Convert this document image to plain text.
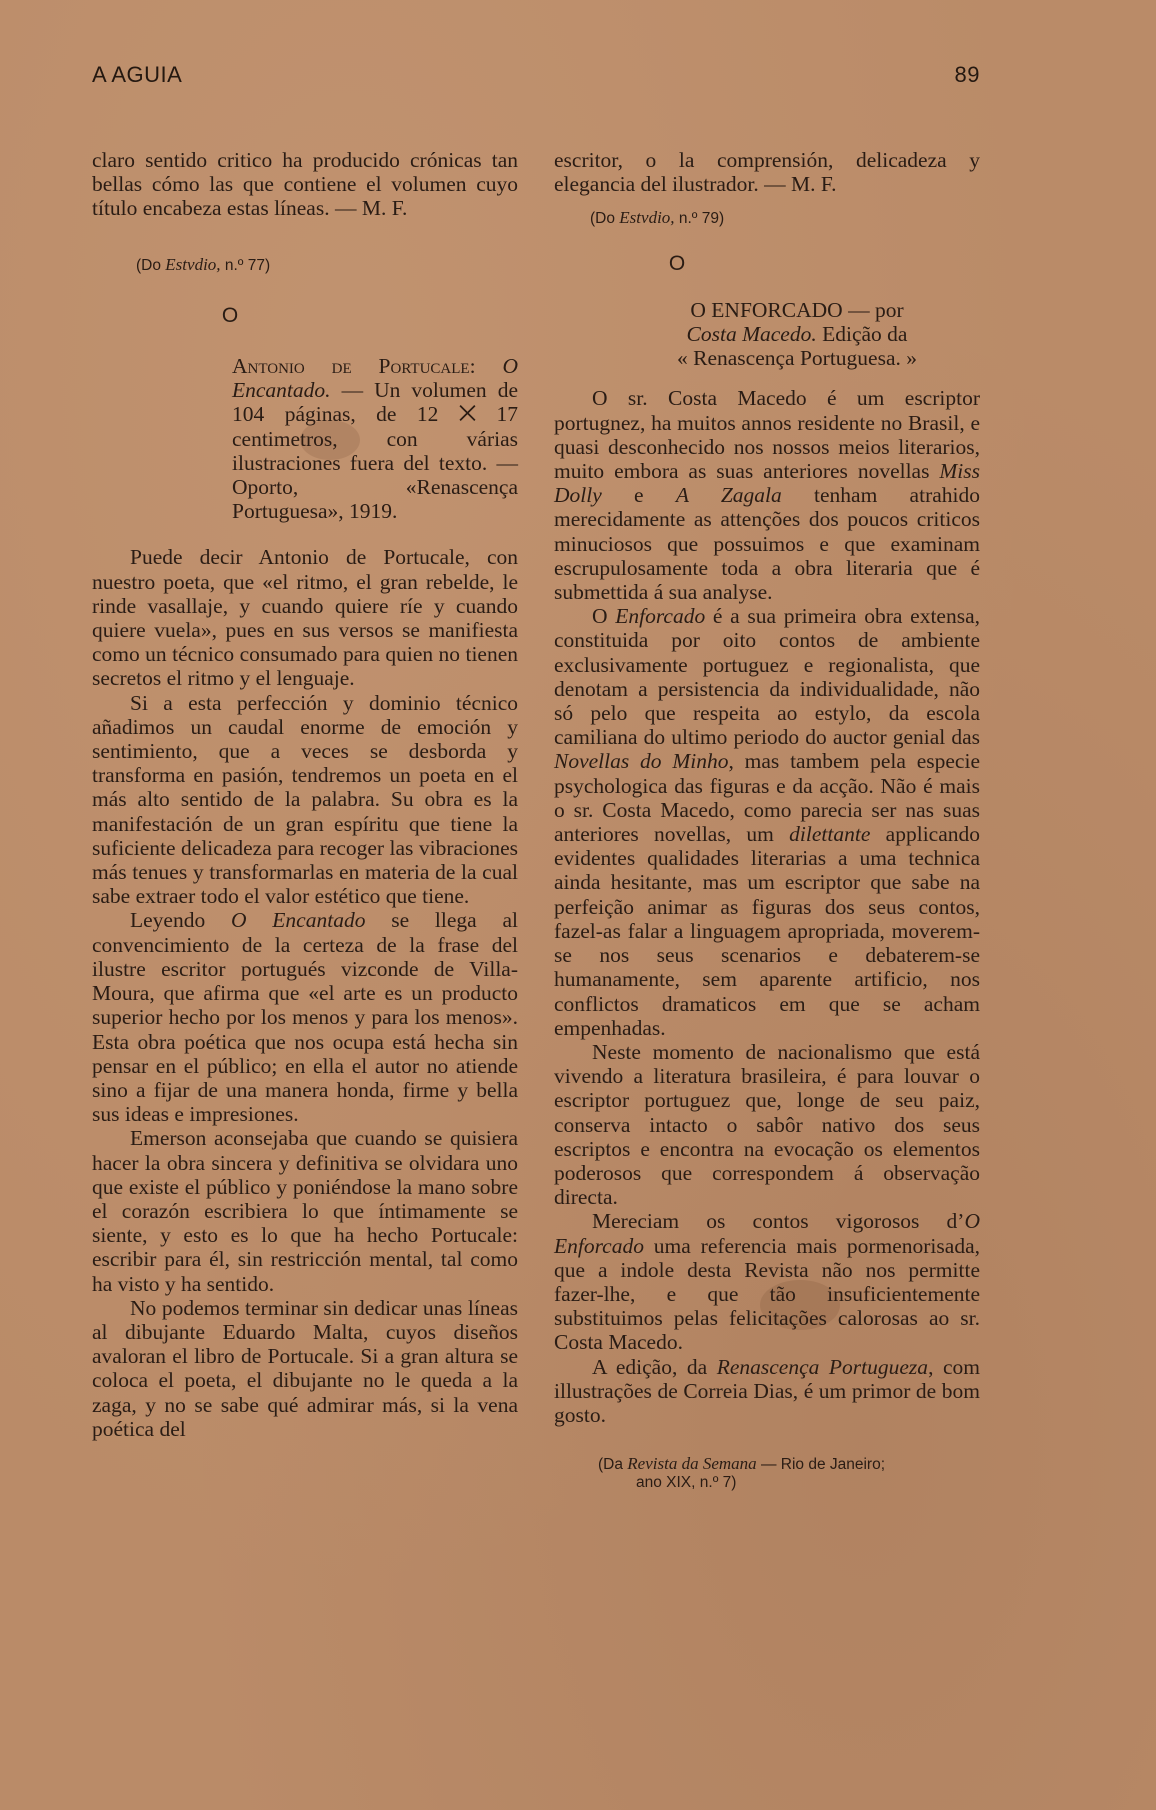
A AGUIA	89

claro sentido critico ha producido crónicas tan bellas cómo las que contiene el volumen cuyo título encabeza estas líneas. — M. F.

(Do Estvdio, n.º 77)

O

Antonio de Portucale: O Encantado. — Un volumen de 104 páginas, de 12 ⨉ 17 centimetros, con várias ilustraciones fuera del texto. — Oporto, «Renascença Portuguesa», 1919.

Puede decir Antonio de Portucale, con nuestro poeta, que «el ritmo, el gran rebelde, le rinde vasallaje, y cuando quiere ríe y cuando quiere vuela», pues en sus versos se manifiesta como un técnico consumado para quien no tienen secretos el ritmo y el lenguaje.

Si a esta perfección y dominio técnico añadimos un caudal enorme de emoción y sentimiento, que a veces se desborda y transforma en pasión, tendremos un poeta en el más alto sentido de la palabra. Su obra es la manifestación de un gran espíritu que tiene la suficiente delicadeza para recoger las vibraciones más tenues y transformarlas en materia de la cual sabe extraer todo el valor estético que tiene.

Leyendo O Encantado se llega al convencimiento de la certeza de la frase del ilustre escritor portugués vizconde de Villa-Moura, que afirma que «el arte es un producto superior hecho por los menos y para los menos». Esta obra poética que nos ocupa está hecha sin pensar en el público; en ella el autor no atiende sino a fijar de una manera honda, firme y bella sus ideas e impresiones.

Emerson aconsejaba que cuando se quisiera hacer la obra sincera y definitiva se olvidara uno que existe el público y poniéndose la mano sobre el corazón escribiera lo que íntimamente se siente, y esto es lo que ha hecho Portucale: escribir para él, sin restricción mental, tal como ha visto y ha sentido.

No podemos terminar sin dedicar unas líneas al dibujante Eduardo Malta, cuyos diseños avaloran el libro de Portucale. Si a gran altura se coloca el poeta, el dibujante no le queda a la zaga, y no se sabe qué admirar más, si la vena poética del

escritor, o la comprensión, delicadeza y elegancia del ilustrador. — M. F.

(Do Estvdio, n.º 79)

O
O ENFORCADO — por
Costa Macedo. Edição da
« Renascença Portuguesa. »

O sr. Costa Macedo é um escriptor portugnez, ha muitos annos residente no Brasil, e quasi desconhecido nos nossos meios literarios, muito embora as suas anteriores novellas Miss Dolly e A Zagala tenham atrahido merecidamente as attenções dos poucos criticos minuciosos que possuimos e que examinam escrupulosamente toda a obra literaria que é submettida á sua analyse.

O Enforcado é a sua primeira obra extensa, constituida por oito contos de ambiente exclusivamente portuguez e regionalista, que denotam a persistencia da individualidade, não só pelo que respeita ao estylo, da escola camiliana do ultimo periodo do auctor genial das Novellas do Minho, mas tambem pela especie psychologica das figuras e da acção. Não é mais o sr. Costa Macedo, como parecia ser nas suas anteriores novellas, um dilettante applicando evidentes qualidades literarias a uma technica ainda hesitante, mas um escriptor que sabe na perfeição animar as figuras dos seus contos, fazel-as falar a linguagem apropriada, moverem-se nos seus scenarios e debaterem-se humanamente, sem aparente artificio, nos conflictos dramaticos em que se acham empenhadas.

Neste momento de nacionalismo que está vivendo a literatura brasileira, é para louvar o escriptor portuguez que, longe de seu paiz, conserva intacto o sabôr nativo dos seus escriptos e encontra na evocação os elementos poderosos que correspondem á observação directa.

Mereciam os contos vigorosos d’O Enforcado uma referencia mais pormenorisada, que a indole desta Revista não nos permitte fazer-lhe, e que tão insuficientemente substituimos pelas felicitações calorosas ao sr. Costa Macedo.

A edição, da Renascença Portugueza, com illustrações de Correia Dias, é um primor de bom gosto.

(Da Revista da Semana — Rio de Janeiro;
ano XIX, n.º 7)
